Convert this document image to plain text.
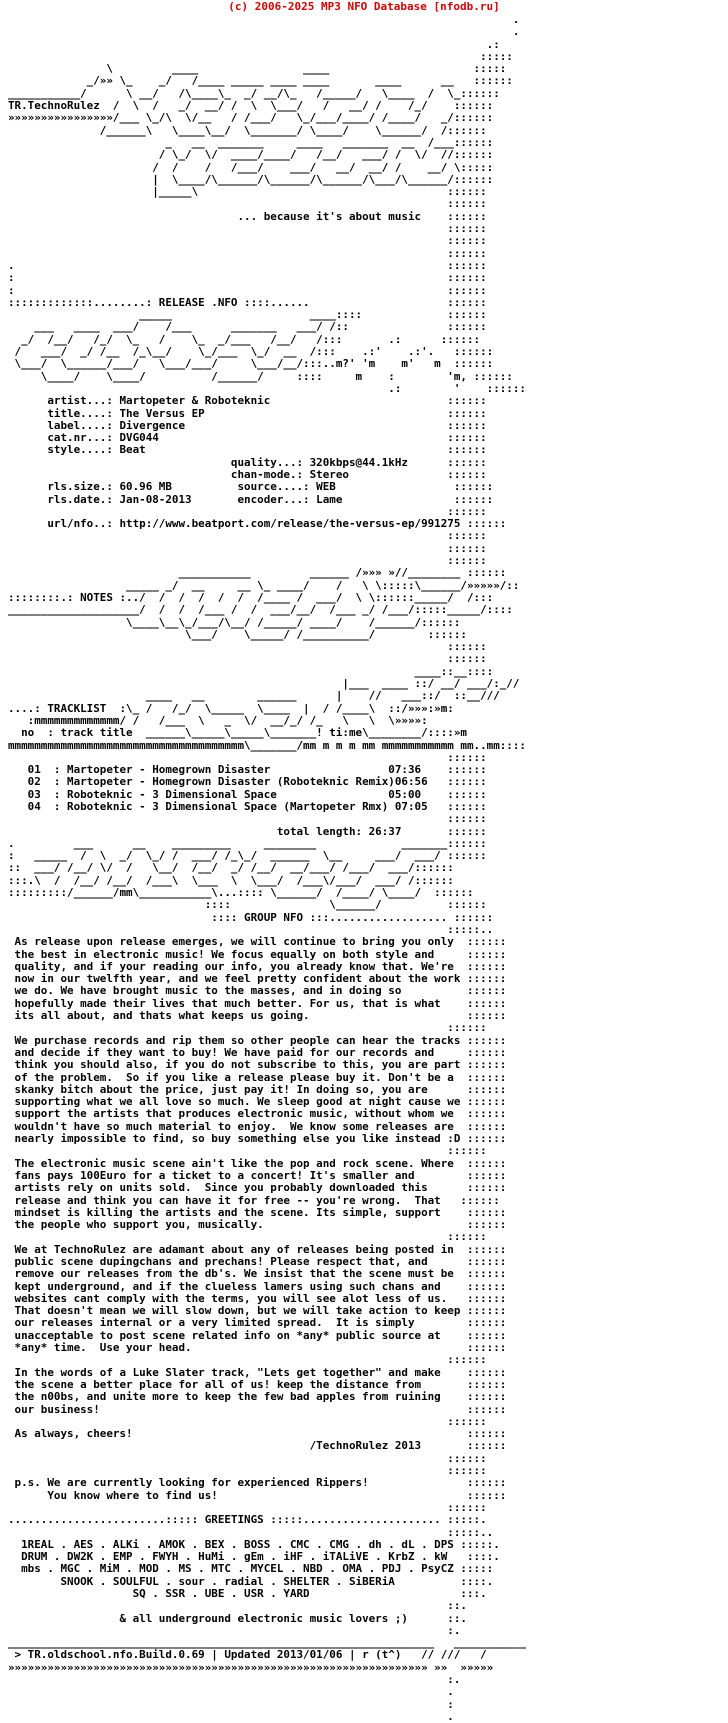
(c) 2006-2025 MP3 NFO Database [nfodb.ru]
.
.
.:
:::::
\         ____                ____                      :::::
_/»» \_    _/   /____ _____ ____ ____       ____      __   ::::::
___________/      \ __/   /\____\_  _/ __/\_   /_____/   \____  /  \_::::::
TR.TechnoRulez  /  \  /   _/  __/ /  \  \___/   /   __/ /    /_/    ::::::
»»»»»»»»»»»»»»»»/___ \_/\  \/__   / /___/   \_/___/____/ /____/   _/::::::
/______\   \____\__/  \_______/ \____/    \______/  /::::::
_   __  _______     ____   _______  __  /___::::::
/ \_/  \/  ____/____/   /__/   ___/ /  \/  //::::::
/  /    /   /___/    ___/   __/  __/ /    __/ \:::::
|  \____/\______/\______/\______/\___/\______/::::::
|_____\                                      ::::::
::::::
... because it's about music    ::::::
::::::
::::::
::::::
.                                                                  ::::::
:                                                                  ::::::
:                                                                  ::::::
:::::::::::::........: RELEASE .NFO ::::......                     ::::::
_____                     ____::::             ::::::
___   ____  ___/    /___      _______   ___/ /::               ::::::
_/  /__/   /_/  \_   /    \_  _/___   /__/   /:::       .:      ::::::
/   ___/  _/ /__  /_\__/    \_/___  \_/  __  /:::    .:'    .:'.   ::::::
\___/  \______/___/   \___/___/     \___/__/:::..m?' 'm    m'   m  ::::::
\____/    \____/          /______/     ::::     m    :        'm, ::::::
.:        '    ::::::
artist...: Martopeter & Roboteknic                           ::::::
title....: The Versus EP                                     ::::::
label....: Divergence                                        ::::::
cat.nr...: DVG044                                            ::::::
style....: Beat                                              ::::::
quality...: 320kbps@44.1kHz      ::::::
chan-mode.: Stereo               ::::::
rls.size.: 60.96 MB          source....: WEB                  ::::::
rls.date.: Jan-08-2013       encoder...: Lame                 ::::::
::::::
url/nfo..: http://www.beatport.com/release/the-versus-ep/991275 ::::::
::::::
::::::
::::::
___________         ______ /»»» »//________ ::::::
_____ _/  __     __ \_ ____/    /   \ \:::::\______/»»»»»/::
::::::::.: NOTES :../  /  /  /  /  /  /____ /  ___/  \ \::::::_____/  /:::
____________________/  /  /  /___ /  /  ___/__/  /___ _/ /___/:::::_____/::::
\____\__\_/___/\__/ /_____/ ____/    /______/::::::
\___/    \_____/ /__________/        ::::::
::::::
::::::
____::__::::
|___  ____ ::/ __/ ___/:_//
____   __        ______      |    //   ___::/  ::__///
....: TRACKLIST  :\_ /   /_/  \_____  \____  |  / /____\  ::/»»»:»m:
:mmmmmmmmmmmmm/ /   /___  \   _  \/  __/_/ /_   \   \  \»»»»:
no  : track title  ______\_____\_____\_______! ti:me\________/::::»m
mmmmmmmmmmmmmmmmmmmmmmmmmmmmmmmmmmmm\_______/mm m m m mm mmmmmmmmmmm mm..mm::::
::::::
01  : Martopeter - Homegrown Disaster                  07:36    ::::::
02  : Martopeter - Homegrown Disaster (Roboteknic Remix)06:56   ::::::
03  : Roboteknic - 3 Dimensional Space                 05:00    ::::::
04  : Roboteknic - 3 Dimensional Space (Martopeter Rmx) 07:05   ::::::
::::::
total length: 26:37       ::::::
.         ___      __    _________     ________             _______::::::
:   _____  /  \  _/  \_/ /  ___/ /_\_/  ______  \__     ___/  ___/ ::::::
::  ___/ /__/ \/  /   \__/  /__/  _/ /__/  __/___/ /___/  ___/::::::
:::.\  /  /__/ /__/  /___\  \___  \  \___/  /___\/___/  ___/ /::::::
:::::::::/______/mm\___________\...:::: \______/  /____/ \____/  ::::::
::::               \______/          ::::::
:::: GROUP NFO :::.................. ::::::
:::::..
As release upon release emerges, we will continue to bring you only  ::::::
the best in electronic music! We focus equally on both style and     ::::::
quality, and if your reading our info, you already know that. We're  ::::::
now in our twelfth year, and we feel pretty confident about the work ::::::
we do. We have brought music to the masses, and in doing so          ::::::
hopefully made their lives that much better. For us, that is what    ::::::
its all about, and thats what keeps us going.                        ::::::
::::::
We purchase records and rip them so other people can hear the tracks ::::::
and decide if they want to buy! We have paid for our records and     ::::::
think you should also, if you do not subscribe to this, you are part ::::::
of the problem.  So if you like a release please buy it. Don't be a  ::::::
skanky bitch about the price, just pay it! In doing so, you are      ::::::
supporting what we all love so much. We sleep good at night cause we ::::::
support the artists that produces electronic music, without whom we  ::::::
wouldn't have so much material to enjoy.  We know some releases are  ::::::
nearly impossible to find, so buy something else you like instead :D ::::::
::::::
The electronic music scene ain't like the pop and rock scene. Where  ::::::
fans pays 100Euro for a ticket to a concert! It's smaller and        ::::::
artists rely on units sold.  Since you probably downloaded this      ::::::
release and think you can have it for free -- you're wrong.  That   ::::::
mindset is killing the artists and the scene. Its simple, support    ::::::
the people who support you, musically.                               ::::::
::::::
We at TechnoRulez are adamant about any of releases being posted in  ::::::
public scene dupingchans and prechans! Please respect that, and      ::::::
remove our releases from the db's. We insist that the scene must be  ::::::
kept underground, and if the clueless lamers using such chans and    ::::::
websites cant comply with the terms, you will see alot less of us.   ::::::
That doesn't mean we will slow down, but we will take action to keep ::::::
our releases internal or a very limited spread.  It is simply        ::::::
unacceptable to post scene related info on *any* public source at    ::::::
*any* time.  Use your head.                                          ::::::
::::::
In the words of a Luke Slater track, "Lets get together" and make    ::::::
the scene a better place for all of us! keep the distance from       ::::::
the n00bs, and unite more to keep the few bad apples from ruining    ::::::
our business!                                                        ::::::
::::::
As always, cheers!                                                   ::::::
/TechnoRulez 2013       ::::::
::::::
::::::
p.s. We are currently looking for experienced Rippers!               ::::::
You know where to find us!                                      ::::::
::::::
........................::::: GREETINGS :::::..................... :::::.
:::::..
1REAL . AES . ALKi . AMOK . BEX . BOSS . CMC . CMG . dh . dL . DPS :::::.
DRUM . DW2K . EMP . FWYH . HuMi . gEm . iHF . iTALiVE . KrbZ . kW   ::::.
mbs . MGC . MiM . MOD . MS . MTC . MYCEL . NBD . OMA . PDJ . PsyCZ :::::
SNOOK . SOULFUL . sour . radial . SHELTER . SiBERiA          ::::.
SQ . SSR . UBE . USR . YARD                       :::.
::.
& all underground electronic music lovers ;)      ::.
:.
_________________________________________________________________   ___________
> TR.oldschool.nfo.Build.0.69 | Updated 2013/01/06 | r (t^)   // ///   /
»»»»»»»»»»»»»»»»»»»»»»»»»»»»»»»»»»»»»»»»»»»»»»»»»»»»»»»»»»»»»»»» »»  »»»»»
:.
.
:
.
